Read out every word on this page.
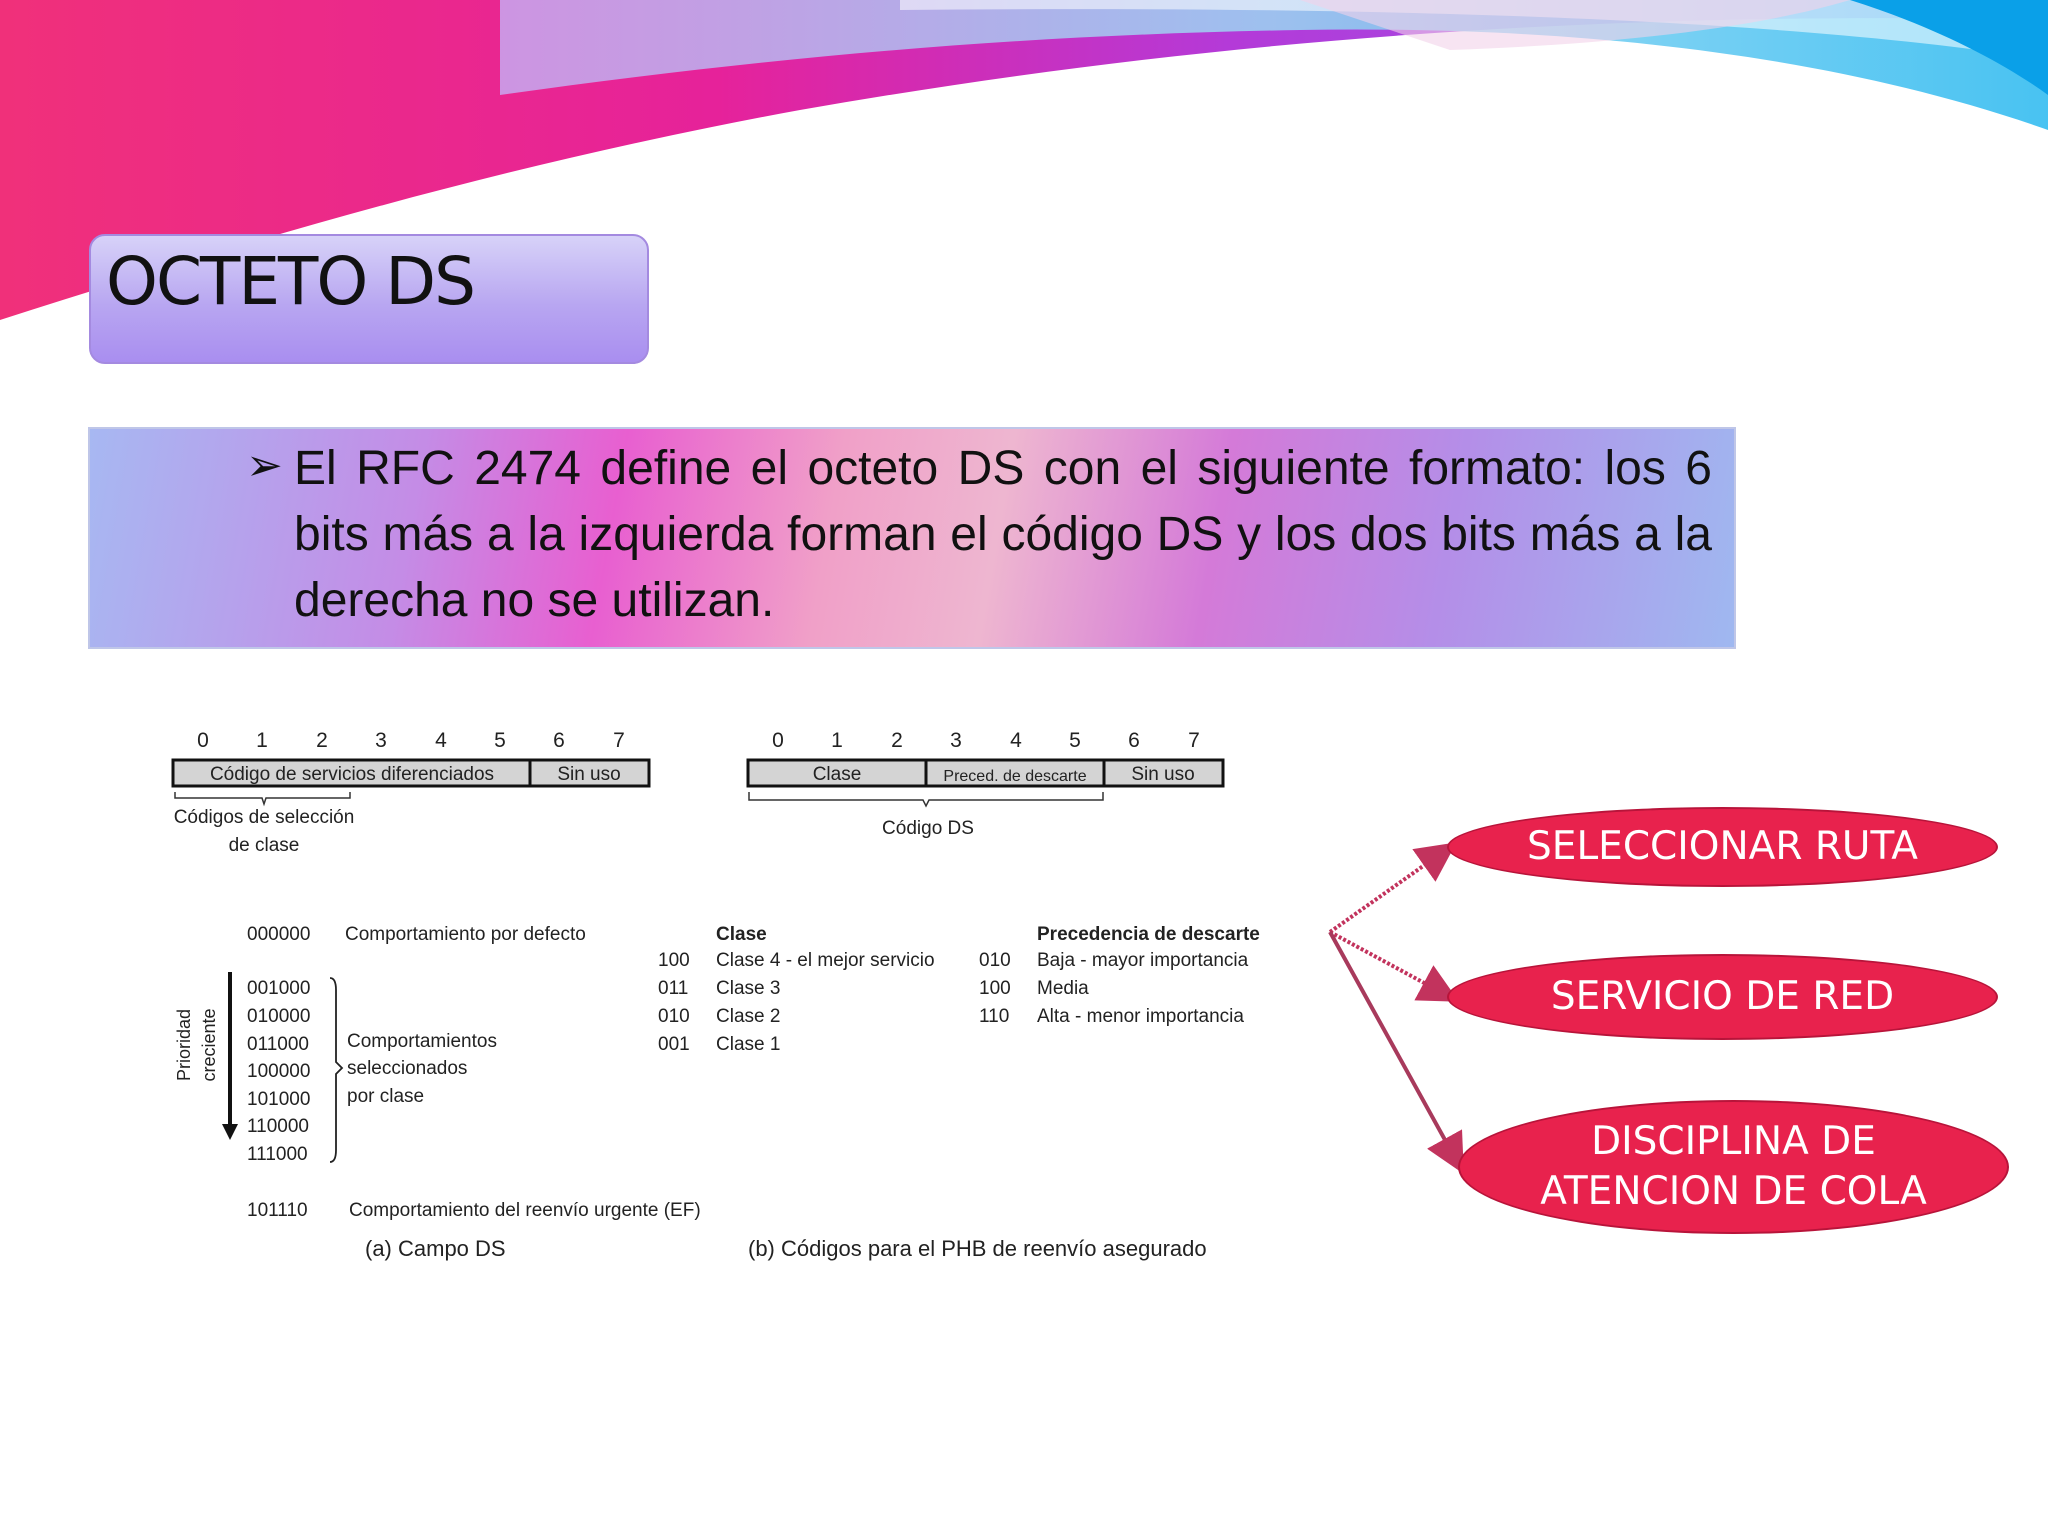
OCTETO DS
➢ El RFC 2474 define el octeto DS con el siguiente formato: los 6 bits más a la izquierda forman el código DS y los dos bits más a la derecha no se utilizan.
0 1 2 3 4 5 6 7
Código de servicios diferenciados	Sin uso
Códigos de selección
de clase
0 1 2 3 4 5 6 7
Clase	Preced. de descarte Sin uso
Código DS
000000 Comportamiento por defecto
Prioridad creciente
001000
010000
011000
100000
101000
110000
111000
Comportamientos
seleccionados
por clase
101110 Comportamiento del reenvío urgente (EF)
(a) Campo DS
Clase
100 Clase 4 - el mejor servicio
011 Clase 3
010 Clase 2
001 Clase 1
Precedencia de descarte
010 Baja - mayor importancia
100 Media
110 Alta - menor importancia
(b) Códigos para el PHB de reenvío asegurado
SELECCIONAR RUTA
SERVICIO DE RED
DISCIPLINA DE
ATENCION DE COLA
